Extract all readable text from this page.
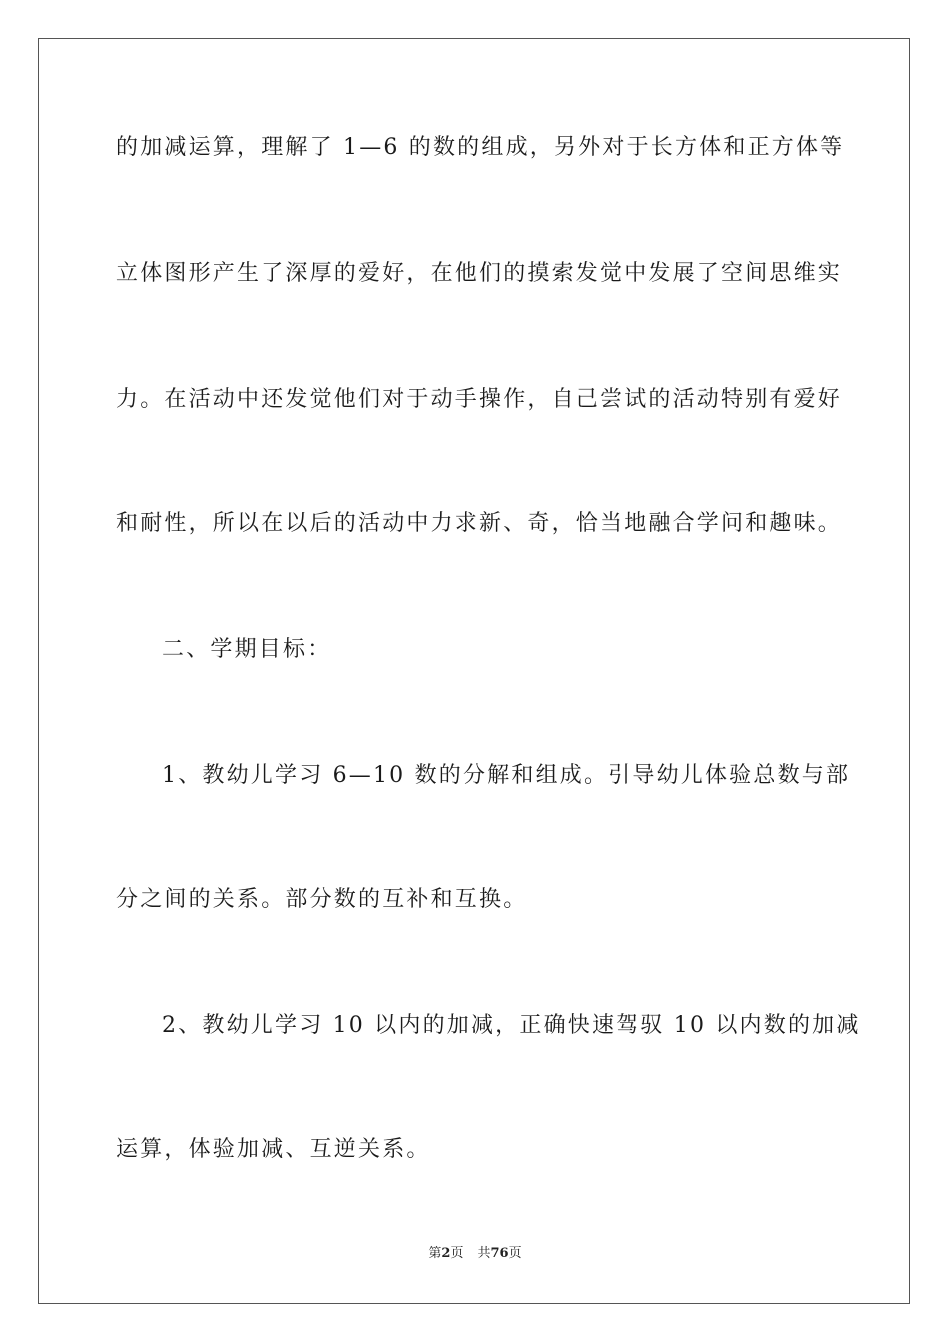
的加减运算，理解了 1—6 的数的组成，另外对于长方体和正方体等
立体图形产生了深厚的爱好，在他们的摸索发觉中发展了空间思维实
力。在活动中还发觉他们对于动手操作，自己尝试的活动特别有爱好
和耐性，所以在以后的活动中力求新、奇，恰当地融合学问和趣味。
二、学期目标：
1、教幼儿学习 6—10 数的分解和组成。引导幼儿体验总数与部
分之间的关系。部分数的互补和互换。
2、教幼儿学习 10 以内的加减，正确快速驾驭 10 以内数的加减
运算，体验加减、互逆关系。
第2页 共76页
